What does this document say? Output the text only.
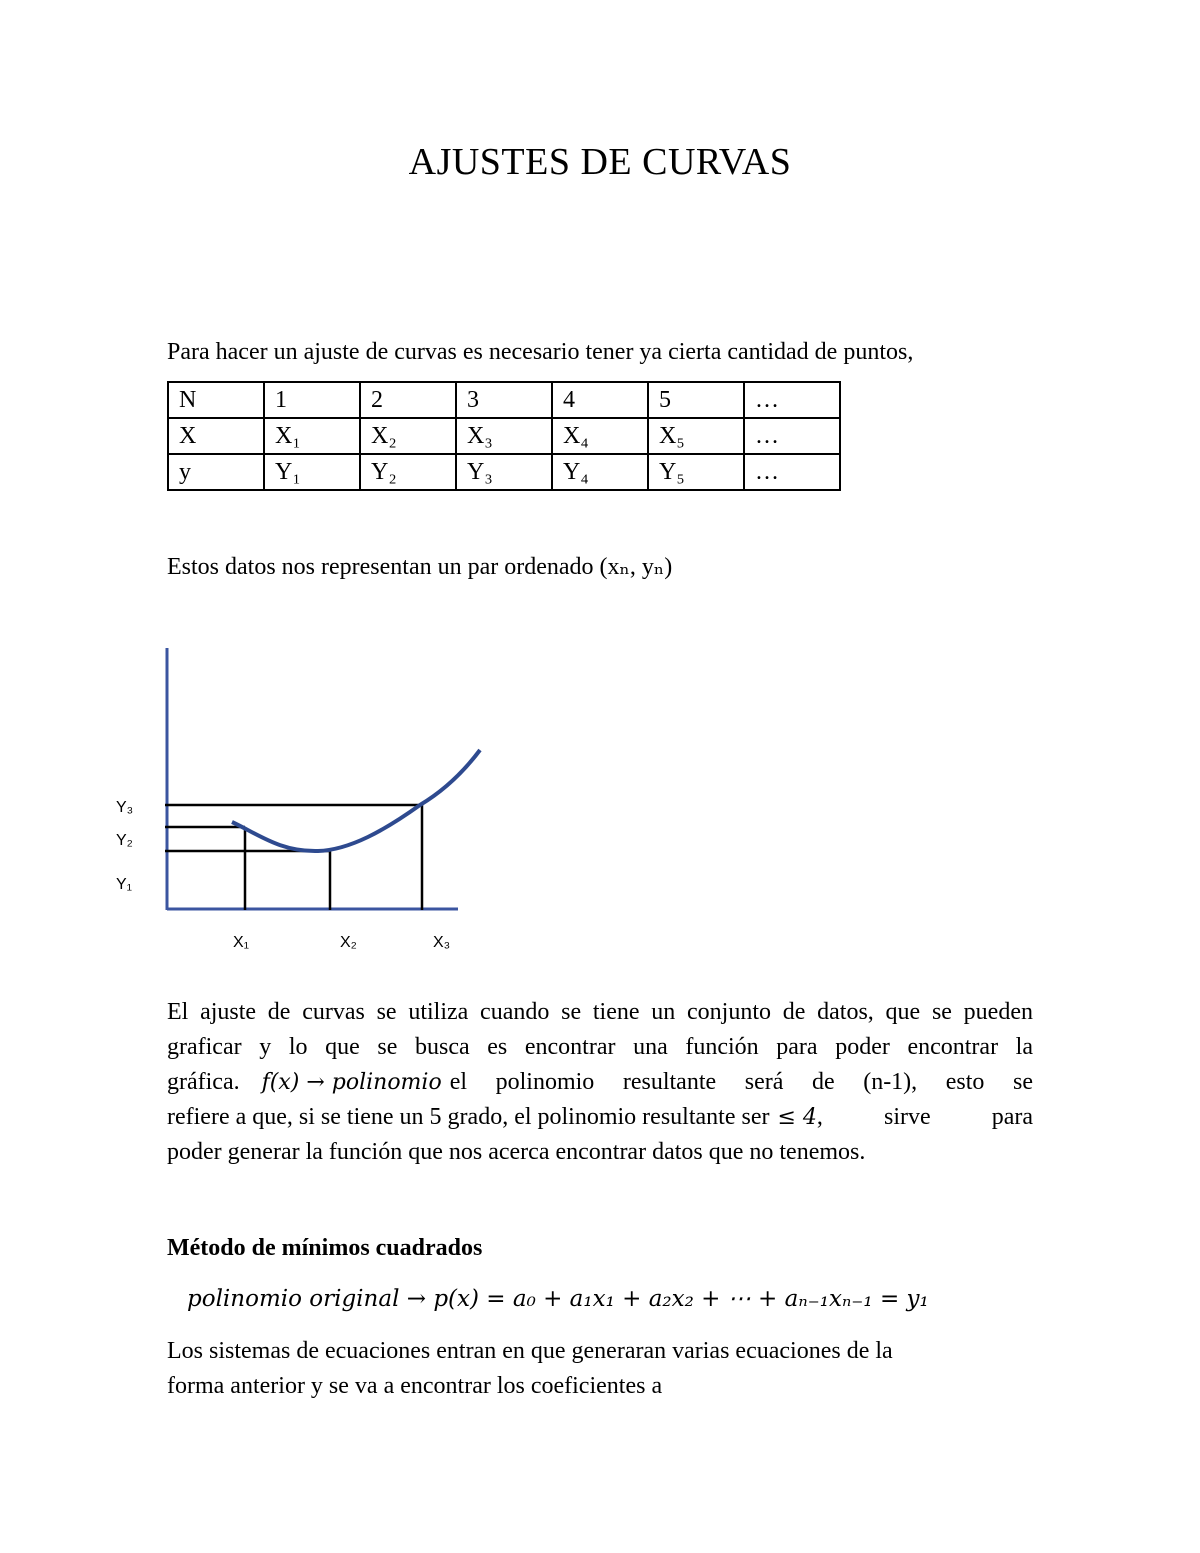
AJUSTES DE CURVAS
Para hacer un ajuste de curvas es necesario tener ya cierta cantidad de puntos,
N	1	2	3	4	5	…
X	X₁	X₂	X₃	X₄	X₅	…
y	Y₁	Y₂	Y₃	Y₄	Y₅	…
Estos datos nos representan un par ordenado (xₙ, yₙ)
Y₃
Y₂
Y₁
X₁	X₂	X₃
El ajuste de curvas se utiliza cuando se tiene un conjunto de datos, que se pueden
graficar y lo que se busca es encontrar una función para poder encontrar la
gráfica. f(x) → polinomio el polinomio resultante será de (n-1), esto se
refiere a que, si se tiene un 5 grado, el polinomio resultante ser ≤ 4 , sirve para
poder generar la función que nos acerca encontrar datos que no tenemos.
Método de mínimos cuadrados
polinomio original → p(x) = a₀ + a₁x₁ + a₂x₂ + ⋯ + aₙ₋₁xₙ₋₁ = y₁
Los sistemas de ecuaciones entran en que generaran varias ecuaciones de la
forma anterior y se va a encontrar los coeficientes a
